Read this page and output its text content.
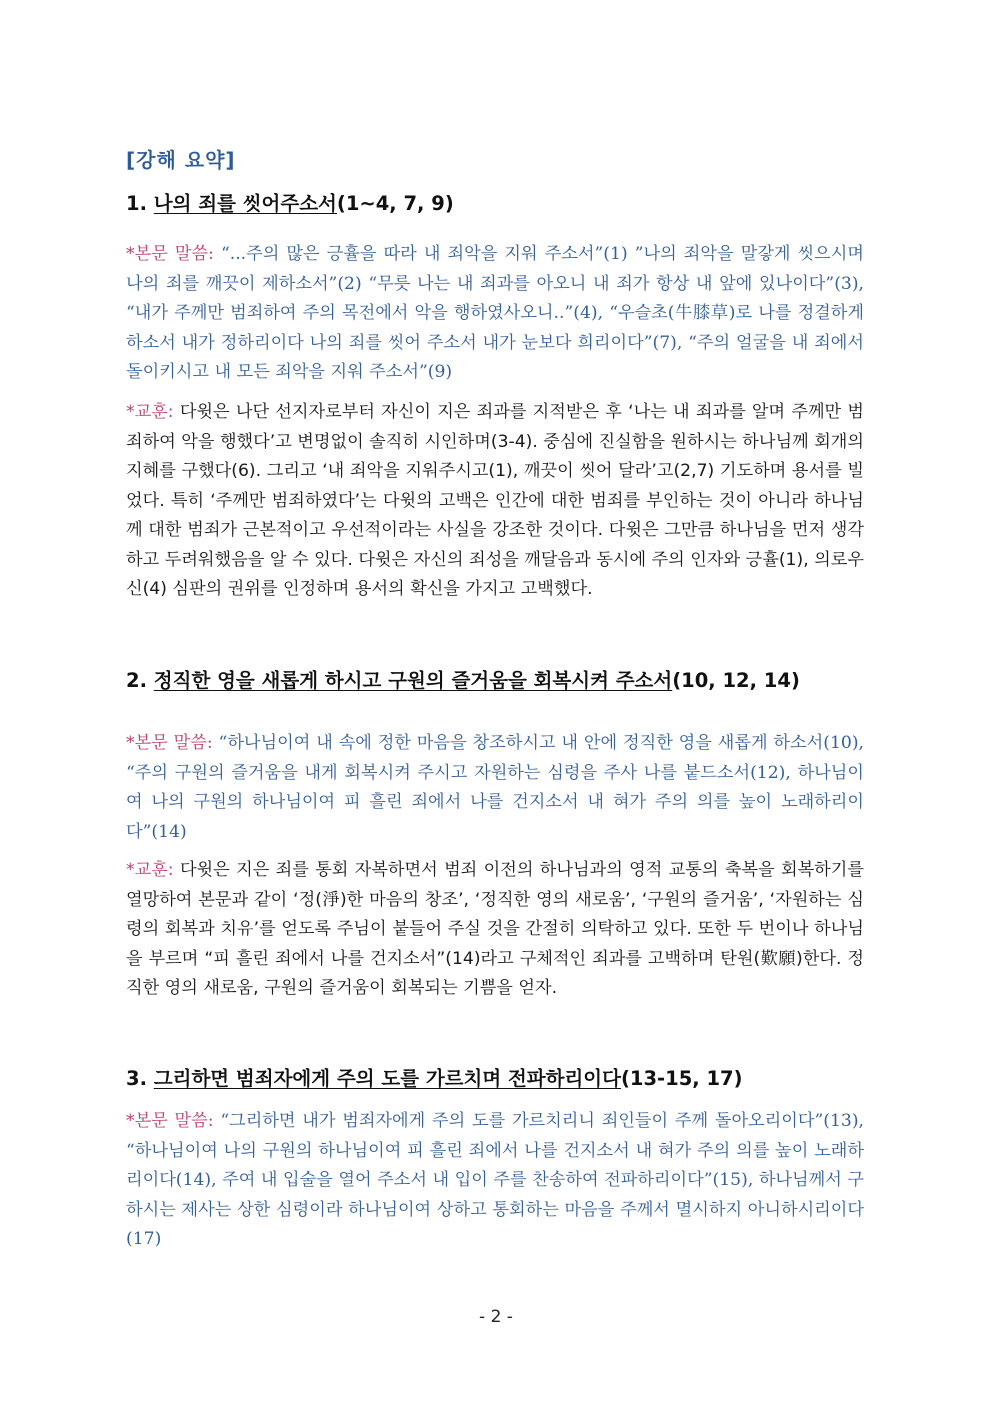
[강해 요약]
1. 나의 죄를 씻어주소서(1~4, 7, 9)

*본문 말씀: “...주의 많은 긍휼을 따라 내 죄악을 지워 주소서”(1) ”나의 죄악을 말갛게 씻으시며 나의 죄를 깨끗이 제하소서”(2) “무릇 나는 내 죄과를 아오니 내 죄가 항상 내 앞에 있나이다”(3), “내가 주께만 범죄하여 주의 목전에서 악을 행하였사오니..”(4), “우슬초(牛膝草)로 나를 정결하게 하소서 내가 정하리이다 나의 죄를 씻어 주소서 내가 눈보다 희리이다”(7), “주의 얼굴을 내 죄에서 돌이키시고 내 모든 죄악을 지워 주소서”(9)

*교훈: 다윗은 나단 선지자로부터 자신이 지은 죄과를 지적받은 후 ‘나는 내 죄과를 알며 주께만 범죄하여 악을 행했다’고 변명없이 솔직히 시인하며(3-4). 중심에 진실함을 원하시는 하나님께 회개의 지혜를 구했다(6). 그리고 ‘내 죄악을 지워주시고(1), 깨끗이 씻어 달라’고(2,7) 기도하며 용서를 빌었다. 특히 ‘주께만 범죄하였다’는 다윗의 고백은 인간에 대한 범죄를 부인하는 것이 아니라 하나님께 대한 범죄가 근본적이고 우선적이라는 사실을 강조한 것이다. 다윗은 그만큼 하나님을 먼저 생각하고 두려워했음을 알 수 있다. 다윗은 자신의 죄성을 깨달음과 동시에 주의 인자와 긍휼(1), 의로우신(4) 심판의 권위를 인정하며 용서의 확신을 가지고 고백했다.

2. 정직한 영을 새롭게 하시고 구원의 즐거움을 회복시켜 주소서(10, 12, 14)

*본문 말씀: “하나님이여 내 속에 정한 마음을 창조하시고 내 안에 정직한 영을 새롭게 하소서(10), “주의 구원의 즐거움을 내게 회복시켜 주시고 자원하는 심령을 주사 나를 붙드소서(12), 하나님이여 나의 구원의 하나님이여 피 흘린 죄에서 나를 건지소서 내 혀가 주의 의를 높이 노래하리이다”(14)

*교훈: 다윗은 지은 죄를 통회 자복하면서 범죄 이전의 하나님과의 영적 교통의 축복을 회복하기를 열망하여 본문과 같이 ‘정(淨)한 마음의 창조’, ‘정직한 영의 새로움’, ‘구원의 즐거움’, ‘자원하는 심령의 회복과 치유’를 얻도록 주님이 붙들어 주실 것을 간절히 의탁하고 있다. 또한 두 번이나 하나님을 부르며 “피 흘린 죄에서 나를 건지소서”(14)라고 구체적인 죄과를 고백하며 탄원(歎願)한다. 정직한 영의 새로움, 구원의 즐거움이 회복되는 기쁨을 얻자.

3. 그리하면 범죄자에게 주의 도를 가르치며 전파하리이다(13-15, 17)

*본문 말씀: “그리하면 내가 범죄자에게 주의 도를 가르치리니 죄인들이 주께 돌아오리이다”(13), “하나님이여 나의 구원의 하나님이여 피 흘린 죄에서 나를 건지소서 내 혀가 주의 의를 높이 노래하리이다(14), 주여 내 입술을 열어 주소서 내 입이 주를 찬송하여 전파하리이다”(15), 하나님께서 구하시는 제사는 상한 심령이라 하나님이여 상하고 통회하는 마음을 주께서 멸시하지 아니하시리이다(17)

- 2 -
